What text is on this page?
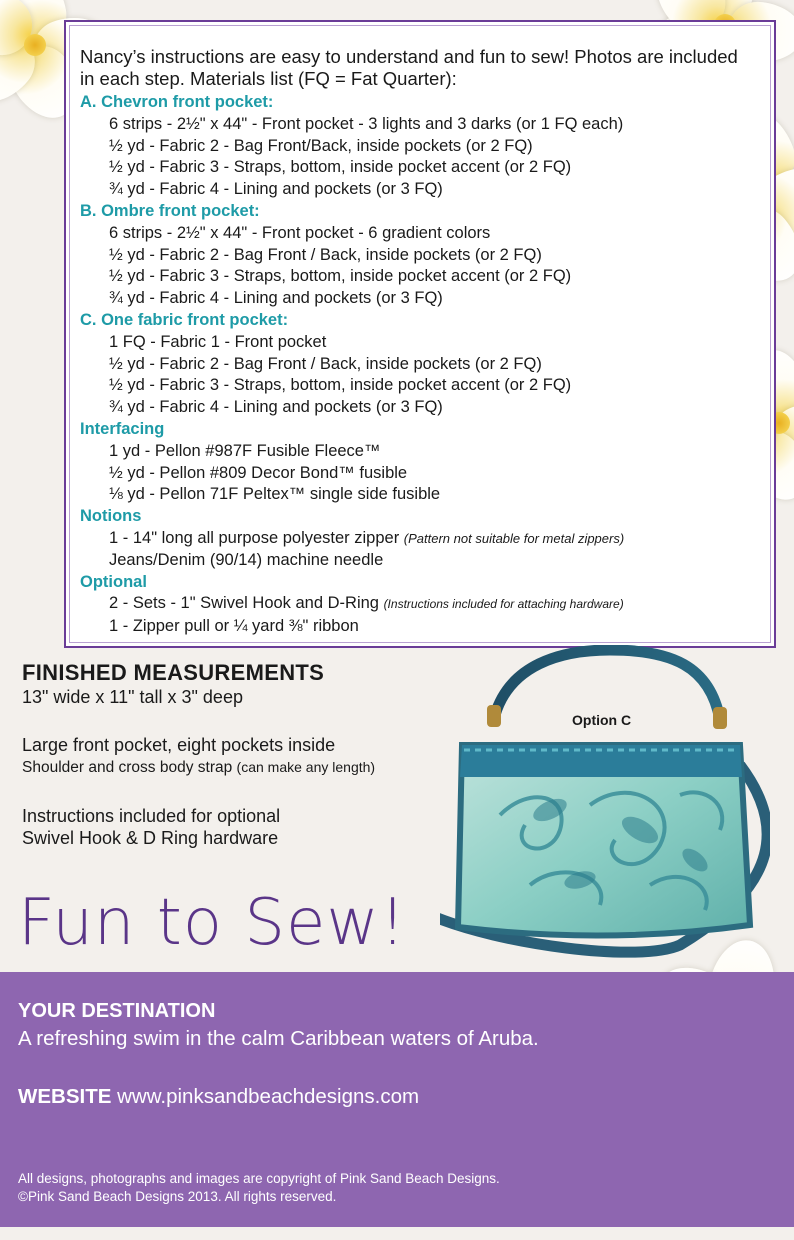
Nancy’s instructions are easy to understand and fun to sew! Photos are included in each step. Materials list (FQ = Fat Quarter):
A. Chevron front pocket:
6 strips - 2½" x 44" - Front pocket - 3 lights and 3 darks (or 1 FQ each)
½ yd - Fabric 2 - Bag Front/Back, inside pockets (or 2 FQ)
½ yd - Fabric 3 - Straps, bottom, inside pocket accent (or 2 FQ)
¾ yd - Fabric 4 - Lining and pockets (or 3 FQ)
B. Ombre front pocket:
6 strips - 2½" x 44" - Front pocket - 6 gradient colors
½ yd - Fabric 2 - Bag Front / Back, inside pockets (or 2 FQ)
½ yd - Fabric 3 - Straps, bottom, inside pocket accent (or 2 FQ)
¾ yd - Fabric 4 - Lining and pockets (or 3 FQ)
C. One fabric front pocket:
1 FQ - Fabric 1 - Front pocket
½ yd - Fabric 2 - Bag Front / Back, inside pockets (or 2 FQ)
½ yd - Fabric 3 - Straps, bottom, inside pocket accent (or 2 FQ)
¾ yd - Fabric 4 - Lining and pockets (or 3 FQ)
Interfacing
1 yd - Pellon #987F Fusible Fleece™
½ yd - Pellon #809 Decor Bond™ fusible
⅛ yd - Pellon 71F Peltex™ single side fusible
Notions
1 - 14" long all purpose polyester zipper (Pattern not suitable for metal zippers)
Jeans/Denim (90/14) machine needle
Optional
2 - Sets - 1" Swivel Hook and D-Ring (Instructions included for attaching hardware)
1 - Zipper pull or ¼ yard ⅜" ribbon
FINISHED MEASUREMENTS
13" wide x 11" tall x 3" deep
Large front pocket, eight pockets inside
Shoulder and cross body strap (can make any length)
Instructions included for optional
Swivel Hook & D Ring hardware
Option C
Fun to Sew!
YOUR DESTINATION
A refreshing swim in the calm Caribbean waters of Aruba.
WEBSITE www.pinksandbeachdesigns.com
All designs, photographs and images are copyright of Pink Sand Beach Designs.
©Pink Sand Beach Designs 2013. All rights reserved.
